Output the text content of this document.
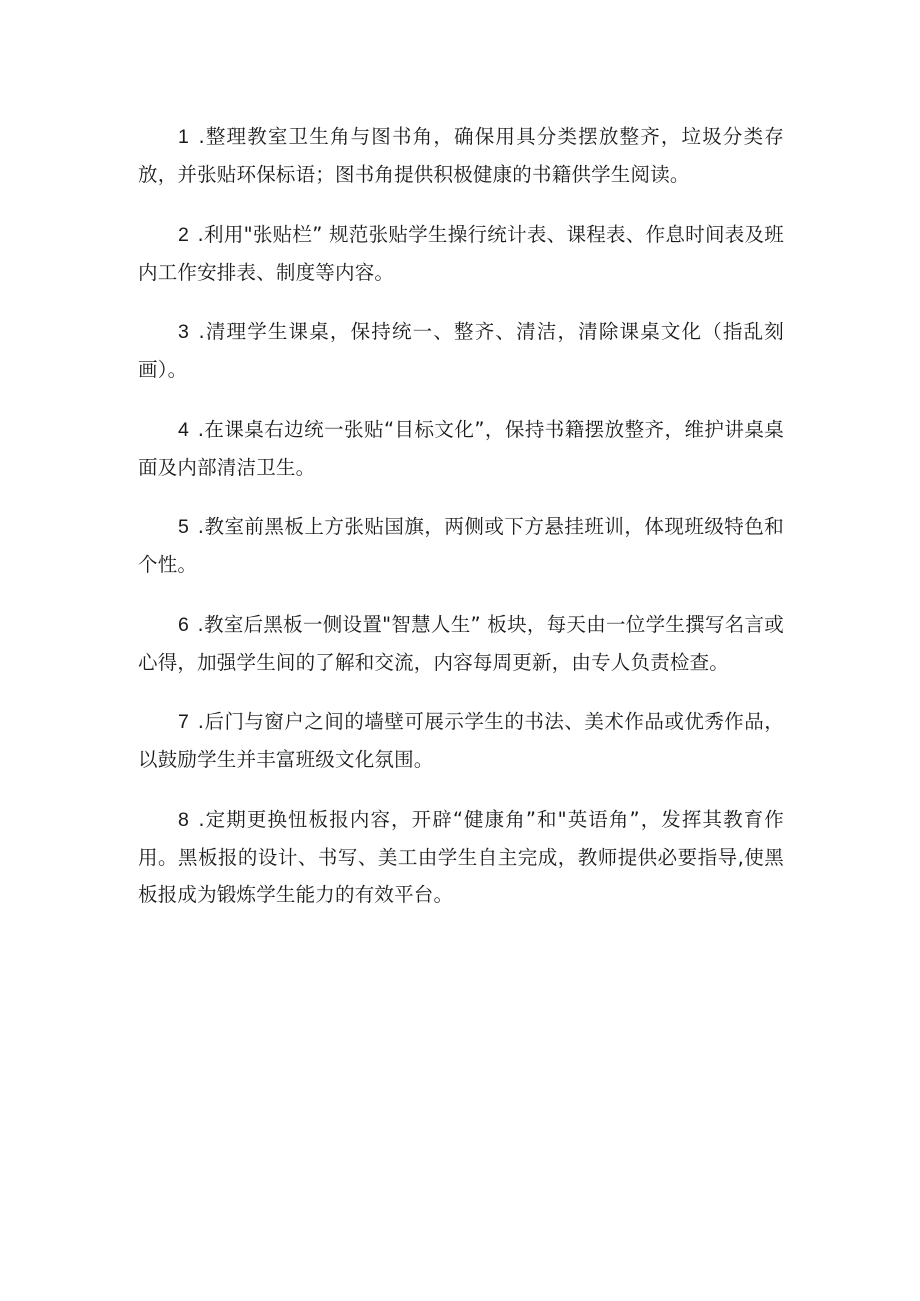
1 .整理教室卫生角与图书角，确保用具分类摆放整齐，垃圾分类存放，并张贴环保标语；图书角提供积极健康的书籍供学生阅读。

2 .利用"张贴栏” 规范张贴学生操行统计表、课程表、作息时间表及班内工作安排表、制度等内容。

3 .清理学生课桌，保持统一、整齐、清洁，清除课桌文化（指乱刻画）。

4 .在课桌右边统一张贴“目标文化”，保持书籍摆放整齐，维护讲桌桌面及内部清洁卫生。

5 .教室前黑板上方张贴国旗，两侧或下方悬挂班训，体现班级特色和个性。

6 .教室后黑板一侧设置"智慧人生” 板块，每天由一位学生撰写名言或心得，加强学生间的了解和交流，内容每周更新，由专人负责检查。

7 .后门与窗户之间的墙壁可展示学生的书法、美术作品或优秀作品，以鼓励学生并丰富班级文化氛围。

8 .定期更换忸板报内容，开辟“健康角”和"英语角”，发挥其教育作用。黑板报的设计、书写、美工由学生自主完成，教师提供必要指导,使黑板报成为锻炼学生能力的有效平台。
